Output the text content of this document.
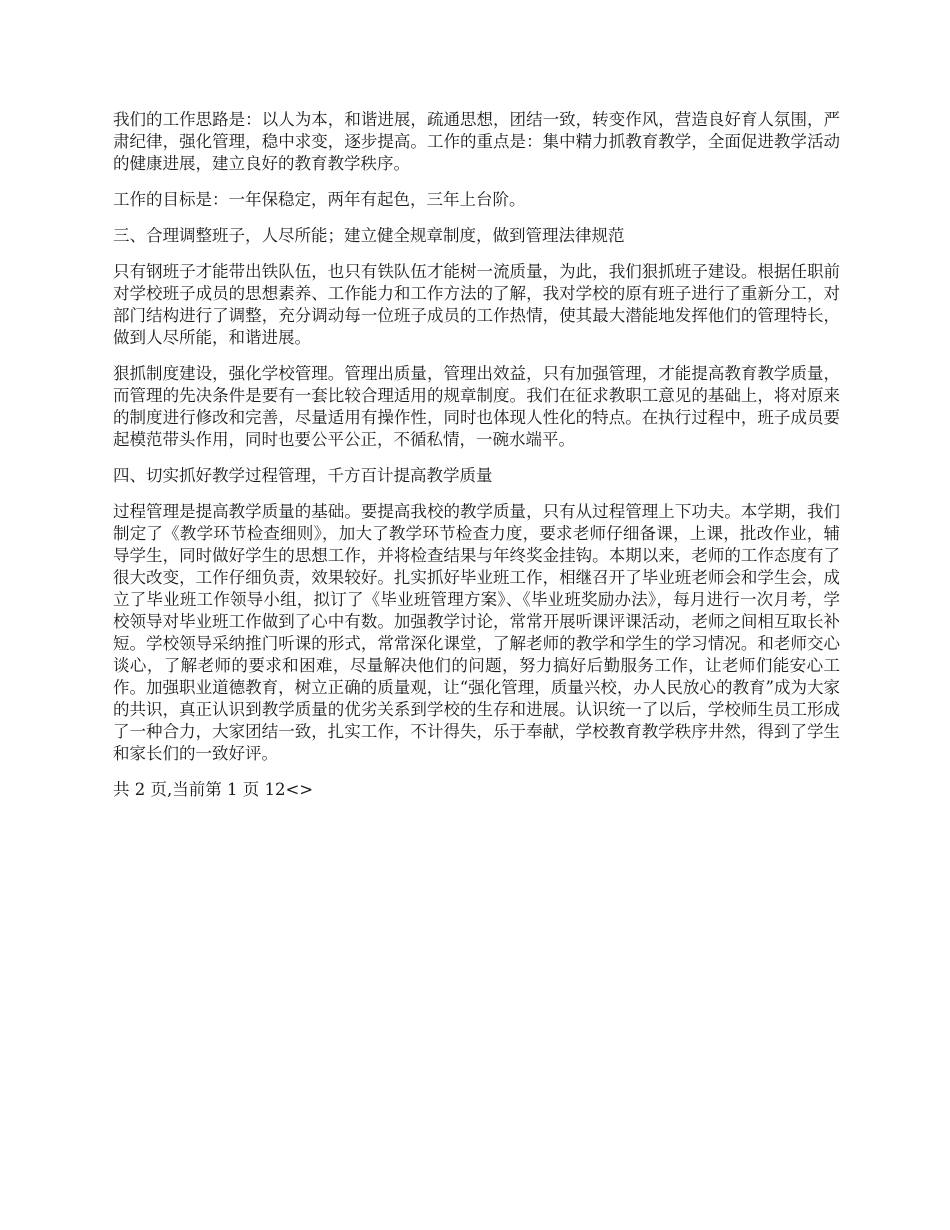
我们的工作思路是：以人为本，和谐进展，疏通思想，团结一致，转变作风，营造良好育人氛围，严肃纪律，强化管理，稳中求变，逐步提高。工作的重点是：集中精力抓教育教学，全面促进教学活动的健康进展，建立良好的教育教学秩序。

工作的目标是：一年保稳定，两年有起色，三年上台阶。

三、合理调整班子，人尽所能；建立健全规章制度，做到管理法律规范

只有钢班子才能带出铁队伍，也只有铁队伍才能树一流质量，为此，我们狠抓班子建设。根据任职前对学校班子成员的思想素养、工作能力和工作方法的了解，我对学校的原有班子进行了重新分工，对部门结构进行了调整，充分调动每一位班子成员的工作热情，使其最大潜能地发挥他们的管理特长，做到人尽所能，和谐进展。

狠抓制度建设，强化学校管理。管理出质量，管理出效益，只有加强管理，才能提高教育教学质量，而管理的先决条件是要有一套比较合理适用的规章制度。我们在征求教职工意见的基础上，将对原来的制度进行修改和完善，尽量适用有操作性，同时也体现人性化的特点。在执行过程中，班子成员要起模范带头作用，同时也要公平公正，不循私情，一碗水端平。

四、切实抓好教学过程管理，千方百计提高教学质量

过程管理是提高教学质量的基础。要提高我校的教学质量，只有从过程管理上下功夫。本学期，我们制定了《教学环节检查细则》，加大了教学环节检查力度，要求老师仔细备课，上课，批改作业，辅导学生，同时做好学生的思想工作，并将检查结果与年终奖金挂钩。本期以来，老师的工作态度有了很大改变，工作仔细负责，效果较好。扎实抓好毕业班工作，相继召开了毕业班老师会和学生会，成立了毕业班工作领导小组，拟订了《毕业班管理方案》、《毕业班奖励办法》，每月进行一次月考，学校领导对毕业班工作做到了心中有数。加强教学讨论，常常开展听课评课活动，老师之间相互取长补短。学校领导采纳推门听课的形式，常常深化课堂，了解老师的教学和学生的学习情况。和老师交心谈心，了解老师的要求和困难，尽量解决他们的问题，努力搞好后勤服务工作，让老师们能安心工作。加强职业道德教育，树立正确的质量观，让“强化管理，质量兴校，办人民放心的教育”成为大家的共识，真正认识到教学质量的优劣关系到学校的生存和进展。认识统一了以后，学校师生员工形成了一种合力，大家团结一致，扎实工作，不计得失，乐于奉献，学校教育教学秩序井然，得到了学生和家长们的一致好评。

共 2 页,当前第 1 页 12<>
